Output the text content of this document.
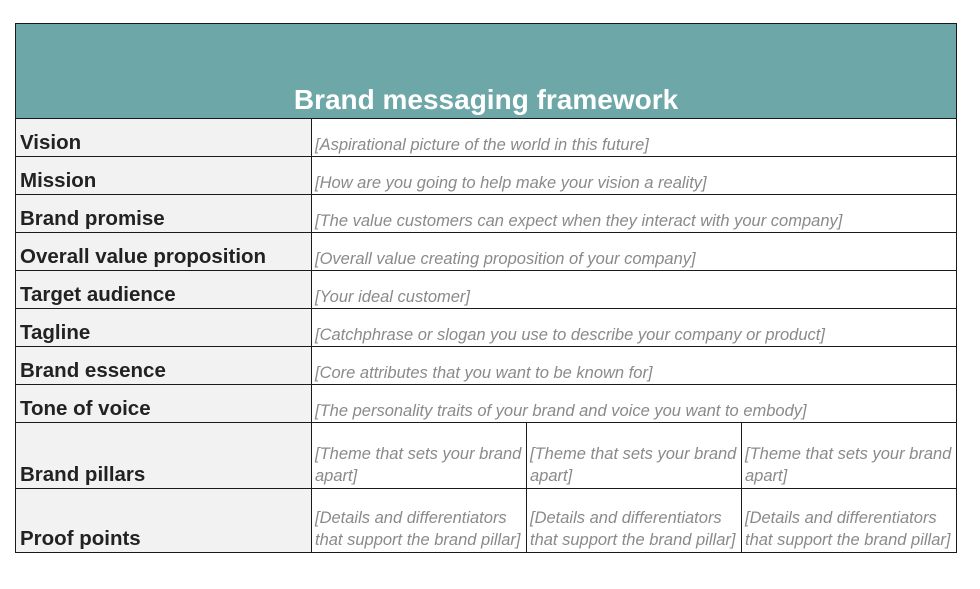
Brand messaging framework			
Vision	[Aspirational picture of the world in this future]		
Mission	[How are you going to help make your vision a reality]		
Brand promise	[The value customers can expect when they interact with your company]		
Overall value proposition	[Overall value creating proposition of your company]		
Target audience	[Your ideal customer]		
Tagline	[Catchphrase or slogan you use to describe your company or product]		
Brand essence	[Core attributes that you want to be known for]		
Tone of voice	[The personality traits of your brand and voice you want to embody]		
Brand pillars	[Theme that sets your brand apart]	[Theme that sets your brand apart]	[Theme that sets your brand apart]
Proof points	[Details and differentiators that support the brand pillar]	[Details and differentiators that support the brand pillar]	[Details and differentiators that support the brand pillar]
